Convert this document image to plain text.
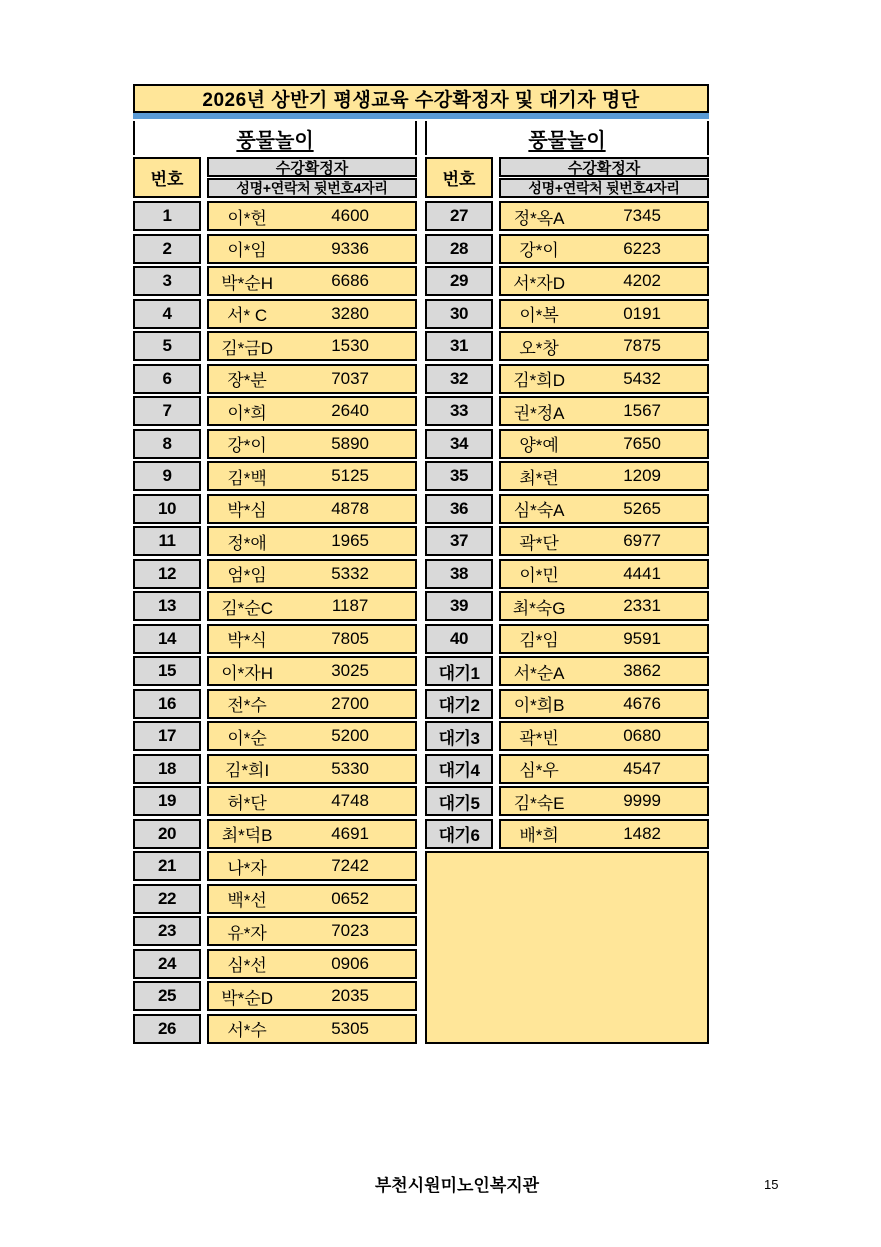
2026년 상반기 평생교육 수강확정자 및 대기자 명단
풍물놀이
번호
수강확정자
성명+연락처 뒷번호4자리
1	이*헌	4600
2	이*임	9336
3	박*순H	6686
4	서* C	3280
5	김*금D	1530
6	장*분	7037
7	이*희	2640
8	강*이	5890
9	김*백	5125
10	박*심	4878
11	정*애	1965
12	엄*임	5332
13	김*순C	1187
14	박*식	7805
15	이*자H	3025
16	전*수	2700
17	이*순	5200
18	김*희I	5330
19	허*단	4748
20	최*덕B	4691
21	나*자	7242
22	백*선	0652
23	유*자	7023
24	심*선	0906
25	박*순D	2035
26	서*수	5305
풍물놀이
번호
수강확정자
성명+연락처 뒷번호4자리
27	정*옥A	7345
28	강*이	6223
29	서*자D	4202
30	이*복	0191
31	오*창	7875
32	김*희D	5432
33	권*정A	1567
34	양*예	7650
35	최*련	1209
36	심*숙A	5265
37	곽*단	6977
38	이*민	4441
39	최*숙G	2331
40	김*임	9591
대기1	서*순A	3862
대기2	이*희B	4676
대기3	곽*빈	0680
대기4	심*우	4547
대기5	김*숙E	9999
대기6	배*희	1482
부천시원미노인복지관	15
